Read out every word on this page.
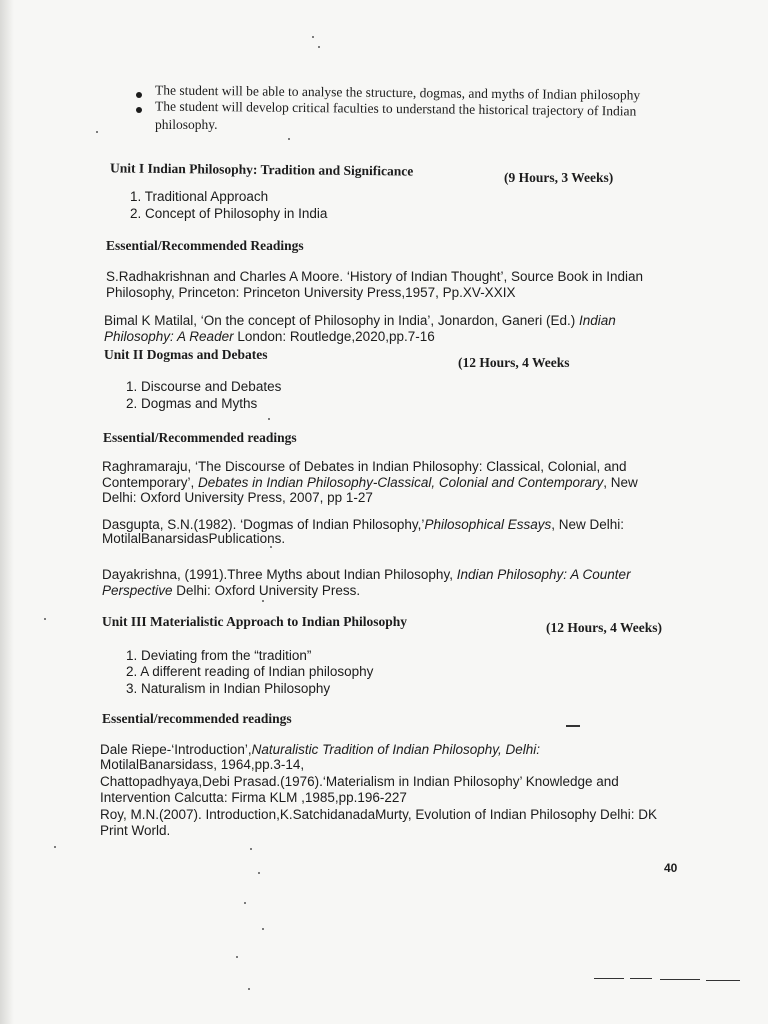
The student will be able to analyse the structure, dogmas, and myths of Indian philosophy
The student will develop critical faculties to understand the historical trajectory of Indian
philosophy.
Unit I Indian Philosophy: Tradition and Significance	(9 Hours, 3 Weeks)
1. Traditional Approach
2. Concept of Philosophy in India
Essential/Recommended Readings
S.Radhakrishnan and Charles A Moore. ‘History of Indian Thought’, Source Book in Indian
Philosophy, Princeton: Princeton University Press,1957, Pp.XV-XXIX
Bimal K Matilal, ‘On the concept of Philosophy in India’, Jonardon, Ganeri (Ed.) Indian
Philosophy: A Reader London: Routledge,2020,pp.7-16
Unit II Dogmas and Debates
(12 Hours, 4 Weeks
1. Discourse and Debates
2. Dogmas and Myths
Essential/Recommended readings
Raghramaraju, ‘The Discourse of Debates in Indian Philosophy: Classical, Colonial, and
Contemporary’, Debates in Indian Philosophy-Classical, Colonial and Contemporary, New
Delhi: Oxford University Press, 2007, pp 1-27
Dasgupta, S.N.(1982). ‘Dogmas of Indian Philosophy,’Philosophical Essays, New Delhi:
MotilalBanarsidasPublications.
Dayakrishna, (1991).Three Myths about Indian Philosophy, Indian Philosophy: A Counter
Perspective Delhi: Oxford University Press.
Unit III Materialistic Approach to Indian Philosophy	(12 Hours, 4 Weeks)
1. Deviating from the “tradition”
2. A different reading of Indian philosophy
3. Naturalism in Indian Philosophy
Essential/recommended readings
Dale Riepe-‘Introduction’,Naturalistic Tradition of Indian Philosophy, Delhi:
MotilalBanarsidass, 1964,pp.3-14,
Chattopadhyaya,Debi Prasad.(1976).‘Materialism in Indian Philosophy’ Knowledge and
Intervention Calcutta: Firma KLM ,1985,pp.196-227
Roy, M.N.(2007). Introduction,K.SatchidanadaMurty, Evolution of Indian Philosophy Delhi: DK
Print World.
40
